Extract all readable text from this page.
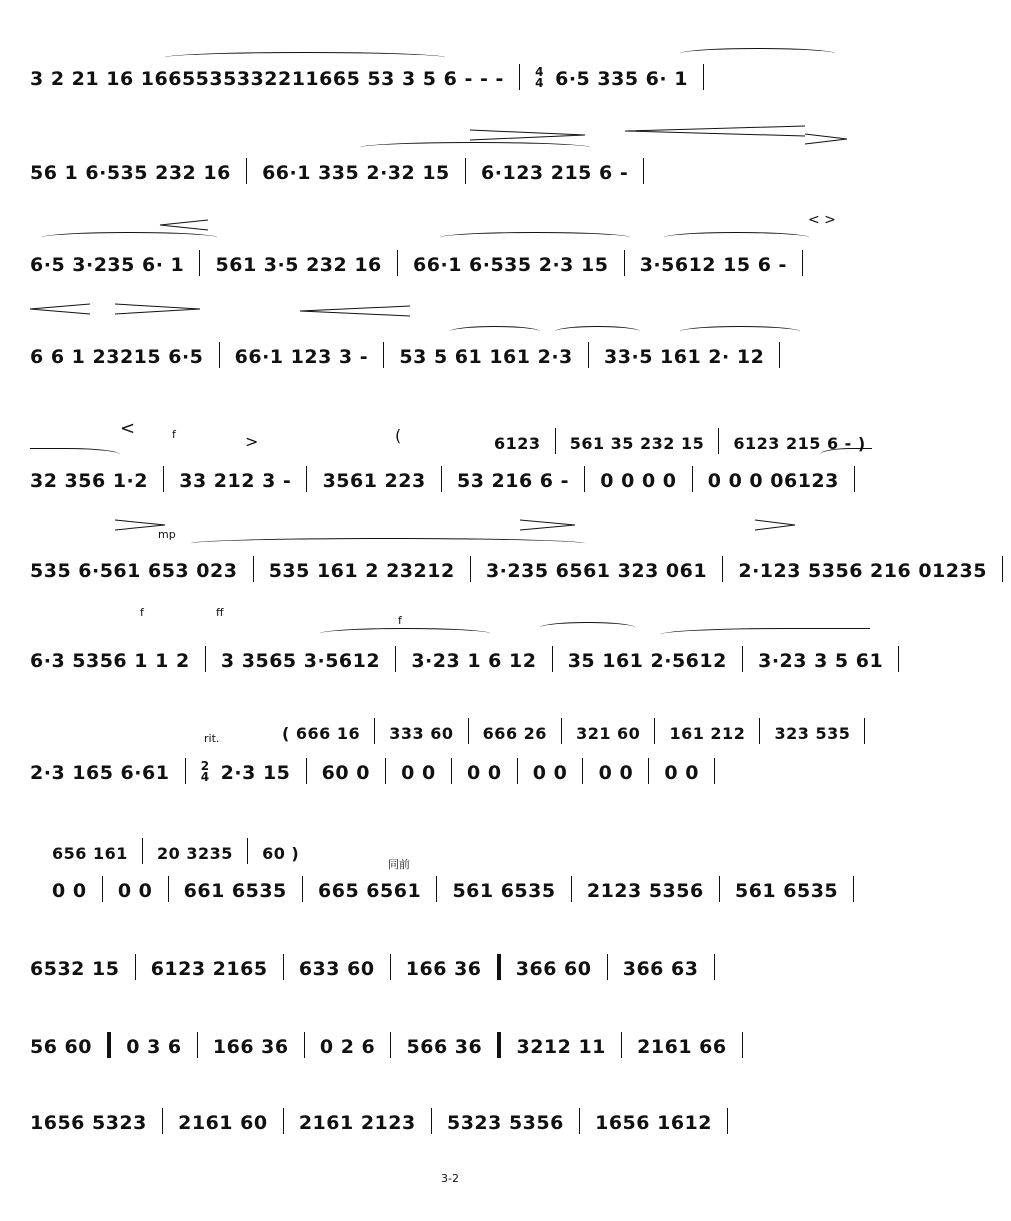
3 2 21 16 1665535332211665 53 3 5 6 - - -	4
4 6·5 335 6· 1
56 1 6·535 232 16 66·1 335 2·32 15 6·123 215 6 -
6·5 3·235 6· 1 561 3·5 232 16 66·1 6·535 2·3 15 3·5612 15 6 -
< >
6 6 1 23215 6·5 66·1 123 3 - 53 5 61 161 2·3 33·5 161 2· 12
6123 561 35 232 15 6123 215 6 - )
(
f
<
>
32 356 1·2 33 212 3 - 3561 223 53 216 6 - 0 0 0 0 0 0 0 06123
535 6·561 653 023 535 161 2 23212 3·235 6561 323 061 2·123 5356 216 01235
mp
6·3 5356 1 1 2 3 3565 3·5612 3·23 1 6 12 35 161 2·5612 3·23 3 5 61
f	ff
f
( 666 16 333 60 666 26 321 60 161 212 323 535
rit.
2·3 165 6·61	2
4 2·3 15 60 0 0 0 0 0 0 0 0 0 0 0
656 161 20 3235 60 )
同前
0 0 0 0 661 6535 665 6561 561 6535 2123 5356 561 6535
6532 15 6123 2165 633 60 166 36 366 60 366 63
56 60 0 3 6 166 36 0 2 6 566 36 3212 11 2161 66
1656 5323 2161 60 2161 2123 5323 5356 1656 1612
3-2
